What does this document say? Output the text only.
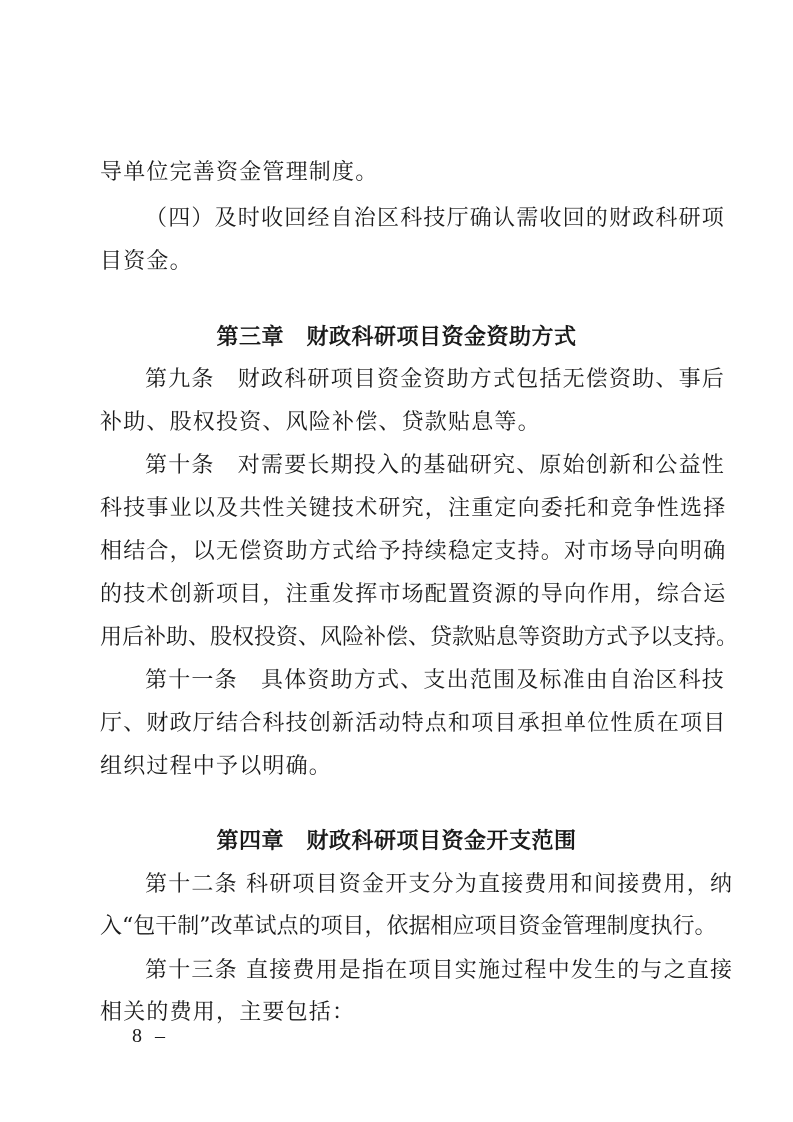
导单位完善资金管理制度。
（四）及时收回经自治区科技厅确认需收回的财政科研项
目资金。
第三章　财政科研项目资金资助方式
第九条　财政科研项目资金资助方式包括无偿资助、事后
补助、股权投资、风险补偿、贷款贴息等。
第十条　对需要长期投入的基础研究、原始创新和公益性
科技事业以及共性关键技术研究，注重定向委托和竞争性选择
相结合，以无偿资助方式给予持续稳定支持。对市场导向明确
的技术创新项目，注重发挥市场配置资源的导向作用，综合运
用后补助、股权投资、风险补偿、贷款贴息等资助方式予以支持。
第十一条　具体资助方式、支出范围及标准由自治区科技
厅、财政厅结合科技创新活动特点和项目承担单位性质在项目
组织过程中予以明确。
第四章　财政科研项目资金开支范围
第十二条 科研项目资金开支分为直接费用和间接费用，纳
入“包干制”改革试点的项目，依据相应项目资金管理制度执行。
第十三条 直接费用是指在项目实施过程中发生的与之直接
相关的费用，主要包括：
8 –
